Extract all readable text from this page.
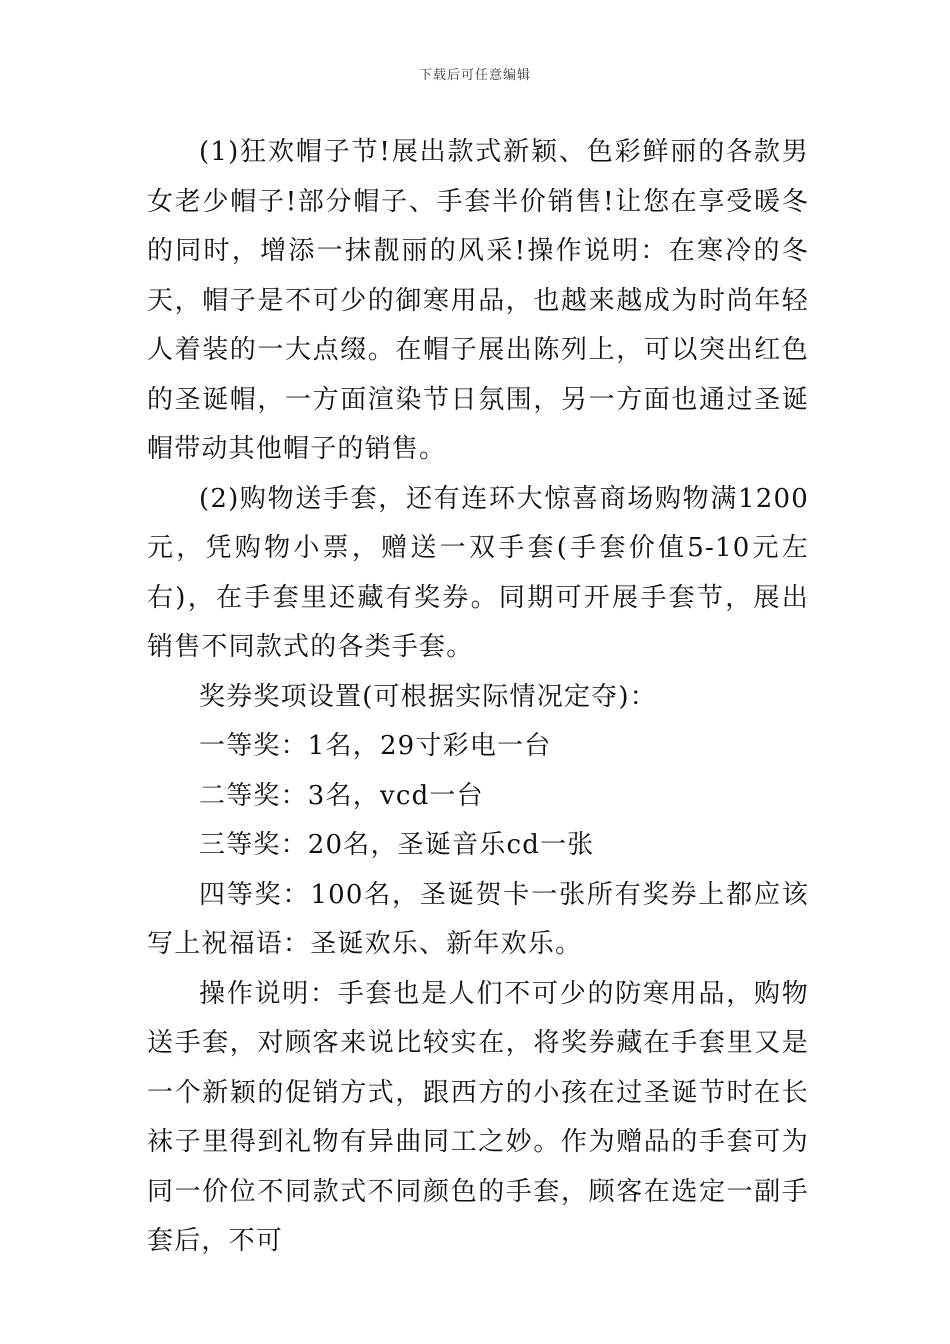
下载后可任意编辑

(1)狂欢帽子节!展出款式新颖、色彩鲜丽的各款男女老少帽子!部分帽子、手套半价销售!让您在享受暖冬的同时，增添一抹靓丽的风采!操作说明：在寒冷的冬天，帽子是不可少的御寒用品，也越来越成为时尚年轻人着装的一大点缀。在帽子展出陈列上，可以突出红色的圣诞帽，一方面渲染节日氛围，另一方面也通过圣诞帽带动其他帽子的销售。

(2)购物送手套，还有连环大惊喜商场购物满1200元，凭购物小票，赠送一双手套(手套价值5-10元左右)，在手套里还藏有奖券。同期可开展手套节，展出销售不同款式的各类手套。

奖券奖项设置(可根据实际情况定夺)：

一等奖：1名，29寸彩电一台

二等奖：3名，vcd一台

三等奖：20名，圣诞音乐cd一张

四等奖：100名，圣诞贺卡一张所有奖券上都应该写上祝福语：圣诞欢乐、新年欢乐。

操作说明：手套也是人们不可少的防寒用品，购物送手套，对顾客来说比较实在，将奖券藏在手套里又是一个新颖的促销方式，跟西方的小孩在过圣诞节时在长袜子里得到礼物有异曲同工之妙。作为赠品的手套可为同一价位不同款式不同颜色的手套，顾客在选定一副手套后，不可
